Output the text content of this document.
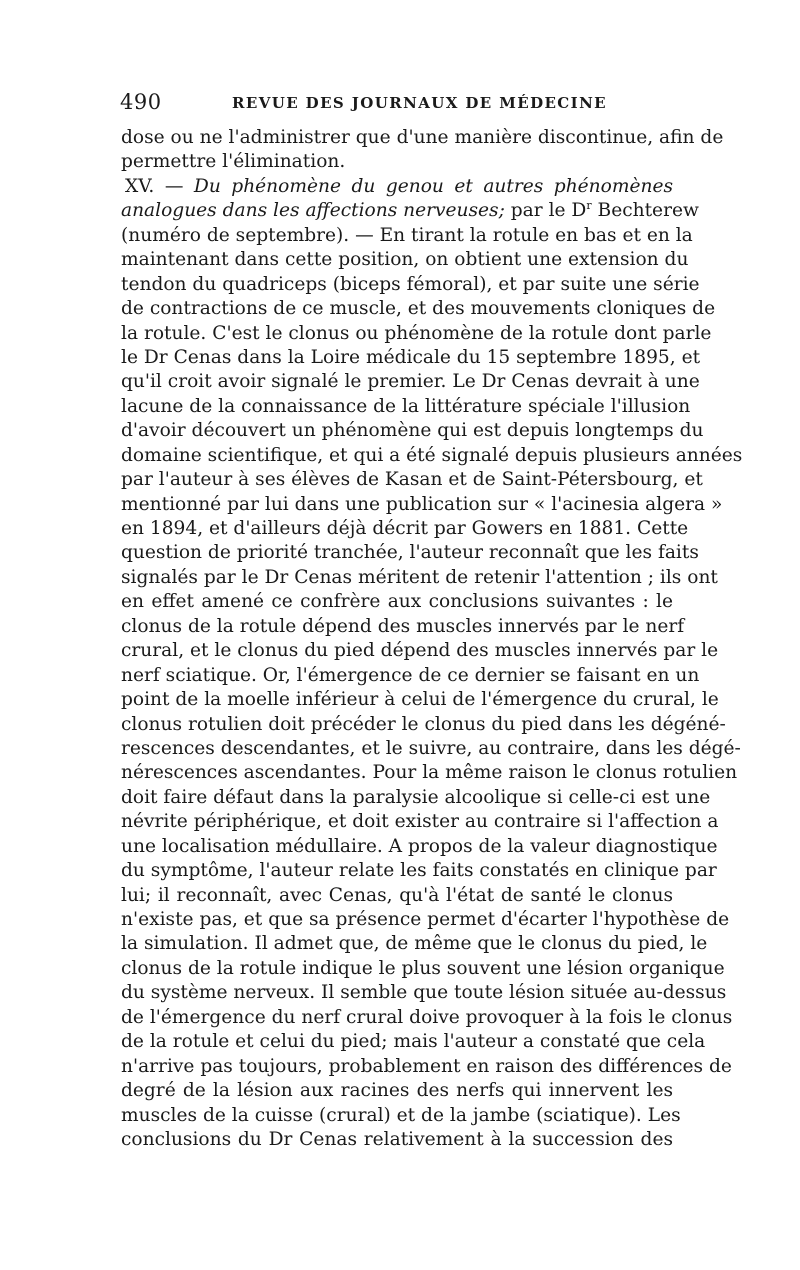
490	REVUE DES JOURNAUX DE MÉDECINE
dose ou ne l'administrer que d'une manière discontinue, afin de
permettre l'élimination.
XV. — Du phénomène du genou et autres phénomènes
analogues dans les affections nerveuses; par le $D^r$ Bechterew
(numéro de septembre). — En tirant la rotule en bas et en la
maintenant dans cette position, on obtient une extension du
tendon du quadriceps (biceps fémoral), et par suite une série
de contractions de ce muscle, et des mouvements cloniques de
la rotule. C'est le clonus ou phénomène de la rotule dont parle
le Dr Cenas dans la Loire médicale du 15 septembre 1895, et
qu'il croit avoir signalé le premier. Le Dr Cenas devrait à une
lacune de la connaissance de la littérature spéciale l'illusion
d'avoir découvert un phénomène qui est depuis longtemps du
domaine scientifique, et qui a été signalé depuis plusieurs années
par l'auteur à ses élèves de Kasan et de Saint-Pétersbourg, et
mentionné par lui dans une publication sur « l'acinesia algera »
en 1894, et d'ailleurs déjà décrit par Gowers en 1881. Cette
question de priorité tranchée, l'auteur reconnaît que les faits
signalés par le Dr Cenas méritent de retenir l'attention ; ils ont
en effet amené ce confrère aux conclusions suivantes : le
clonus de la rotule dépend des muscles innervés par le nerf
crural, et le clonus du pied dépend des muscles innervés par le
nerf sciatique. Or, l'émergence de ce dernier se faisant en un
point de la moelle inférieur à celui de l'émergence du crural, le
clonus rotulien doit précéder le clonus du pied dans les dégéné-
rescences descendantes, et le suivre, au contraire, dans les dégé-
nérescences ascendantes. Pour la même raison le clonus rotulien
doit faire défaut dans la paralysie alcoolique si celle-ci est une
névrite périphérique, et doit exister au contraire si l'affection a
une localisation médullaire. A propos de la valeur diagnostique
du symptôme, l'auteur relate les faits constatés en clinique par
lui; il reconnaît, avec Cenas, qu'à l'état de santé le clonus
n'existe pas, et que sa présence permet d'écarter l'hypothèse de
la simulation. Il admet que, de même que le clonus du pied, le
clonus de la rotule indique le plus souvent une lésion organique
du système nerveux. Il semble que toute lésion située au-dessus
de l'émergence du nerf crural doive provoquer à la fois le clonus
de la rotule et celui du pied; mais l'auteur a constaté que cela
n'arrive pas toujours, probablement en raison des différences de
degré de la lésion aux racines des nerfs qui innervent les
muscles de la cuisse (crural) et de la jambe (sciatique). Les
conclusions du Dr Cenas relativement à la succession des
